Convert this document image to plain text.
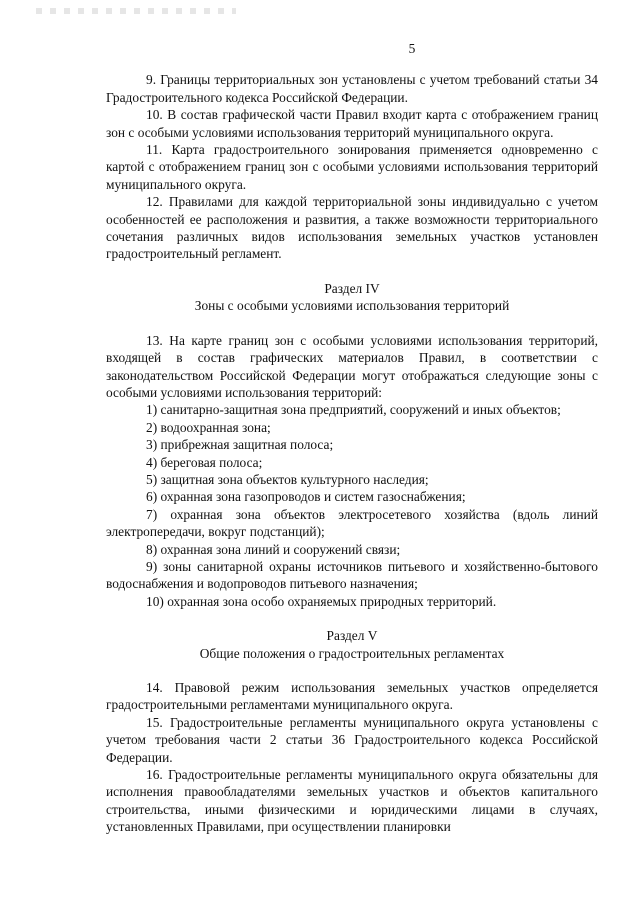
5

9. Границы территориальных зон установлены с учетом требований статьи 34 Градостроительного кодекса Российской Федерации.

10. В состав графической части Правил входит карта с отображением границ зон с особыми условиями использования территорий муниципального округа.

11. Карта градостроительного зонирования применяется одновременно с картой с отображением границ зон с особыми условиями использования территорий муниципального округа.

12. Правилами для каждой территориальной зоны индивидуально с учетом особенностей ее расположения и развития, а также возможности территориального сочетания различных видов использования земельных участков установлен градостроительный регламент.

Раздел IV

Зоны с особыми условиями использования территорий

13. На карте границ зон с особыми условиями использования территорий, входящей в состав графических материалов Правил, в соответствии с законодательством Российской Федерации могут отображаться следующие зоны с особыми условиями использования территорий:

1) санитарно-защитная зона предприятий, сооружений и иных объектов;

2) водоохранная зона;

3) прибрежная защитная полоса;

4) береговая полоса;

5) защитная зона объектов культурного наследия;

6) охранная зона газопроводов и систем газоснабжения;

7) охранная зона объектов электросетевого хозяйства (вдоль линий электропередачи, вокруг подстанций);

8) охранная зона линий и сооружений связи;

9) зоны санитарной охраны источников питьевого и хозяйственно-бытового водоснабжения и водопроводов питьевого назначения;

10) охранная зона особо охраняемых природных территорий.

Раздел V

Общие положения о градостроительных регламентах

14. Правовой режим использования земельных участков определяется градостроительными регламентами муниципального округа.

15. Градостроительные регламенты муниципального округа установлены с учетом требования части 2 статьи 36 Градостроительного кодекса Российской Федерации.

16. Градостроительные регламенты муниципального округа обязательны для исполнения правообладателями земельных участков и объектов капитального строительства, иными физическими и юридическими лицами в случаях, установленных Правилами, при осуществлении планировки
